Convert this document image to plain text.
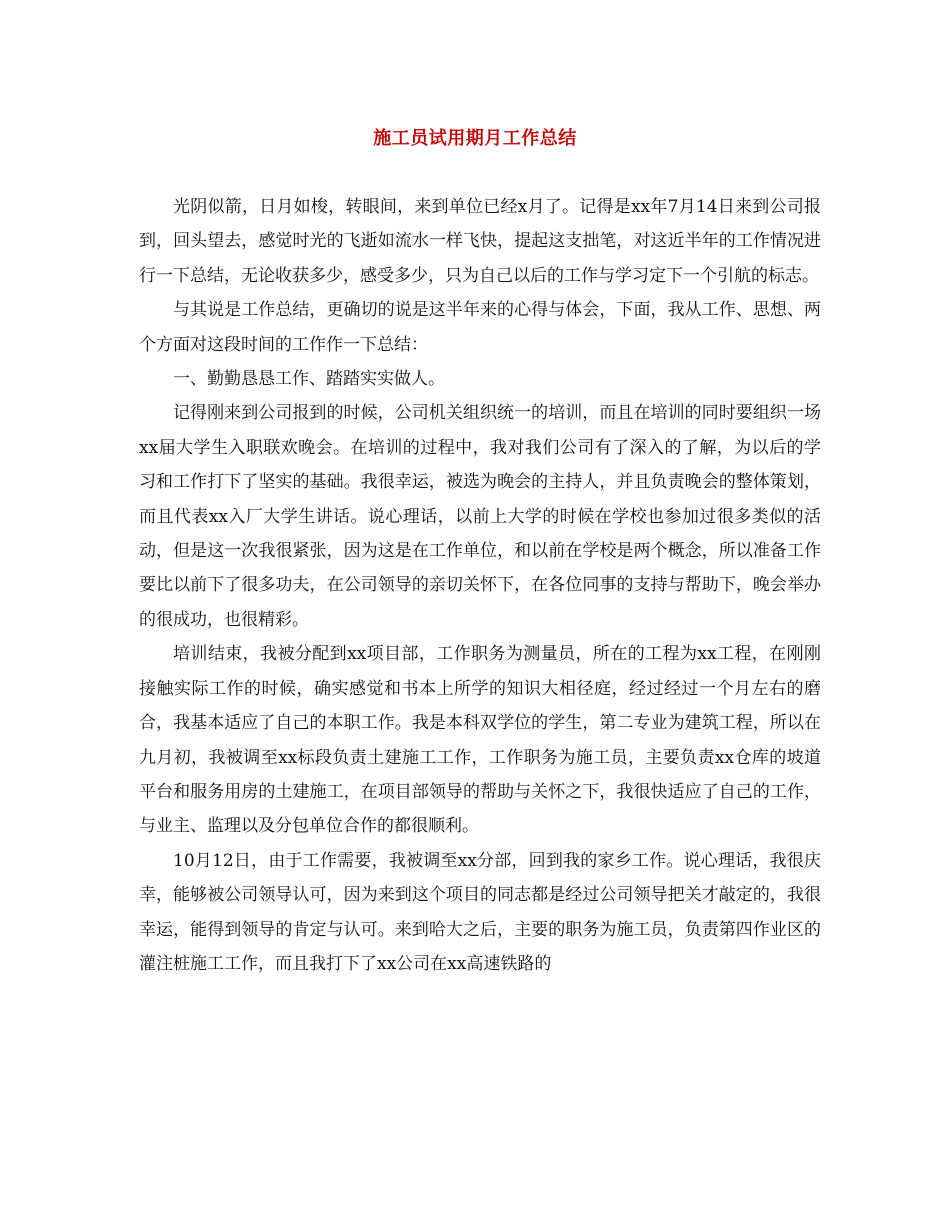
施工员试用期月工作总结

光阴似箭，日月如梭，转眼间，来到单位已经x月了。记得是xx年7月14日来到公司报到，回头望去，感觉时光的飞逝如流水一样飞快，提起这支拙笔，对这近半年的工作情况进行一下总结，无论收获多少，感受多少，只为自己以后的工作与学习定下一个引航的标志。

与其说是工作总结，更确切的说是这半年来的心得与体会，下面，我从工作、思想、两个方面对这段时间的工作作一下总结：

一、勤勤恳恳工作、踏踏实实做人。

记得刚来到公司报到的时候，公司机关组织统一的培训，而且在培训的同时要组织一场xx届大学生入职联欢晚会。在培训的过程中，我对我们公司有了深入的了解，为以后的学习和工作打下了坚实的基础。我很幸运，被选为晚会的主持人，并且负责晚会的整体策划，而且代表xx入厂大学生讲话。说心理话，以前上大学的时候在学校也参加过很多类似的活动，但是这一次我很紧张，因为这是在工作单位，和以前在学校是两个概念，所以准备工作要比以前下了很多功夫，在公司领导的亲切关怀下，在各位同事的支持与帮助下，晚会举办的很成功，也很精彩。

培训结束，我被分配到xx项目部，工作职务为测量员，所在的工程为xx工程，在刚刚接触实际工作的时候，确实感觉和书本上所学的知识大相径庭，经过经过一个月左右的磨合，我基本适应了自己的本职工作。我是本科双学位的学生，第二专业为建筑工程，所以在九月初，我被调至xx标段负责土建施工工作，工作职务为施工员，主要负责xx仓库的坡道平台和服务用房的土建施工，在项目部领导的帮助与关怀之下，我很快适应了自己的工作，与业主、监理以及分包单位合作的都很顺利。

10月12日，由于工作需要，我被调至xx分部，回到我的家乡工作。说心理话，我很庆幸，能够被公司领导认可，因为来到这个项目的同志都是经过公司领导把关才敲定的，我很幸运，能得到领导的肯定与认可。来到哈大之后，主要的职务为施工员，负责第四作业区的灌注桩施工工作，而且我打下了xx公司在xx高速铁路的
